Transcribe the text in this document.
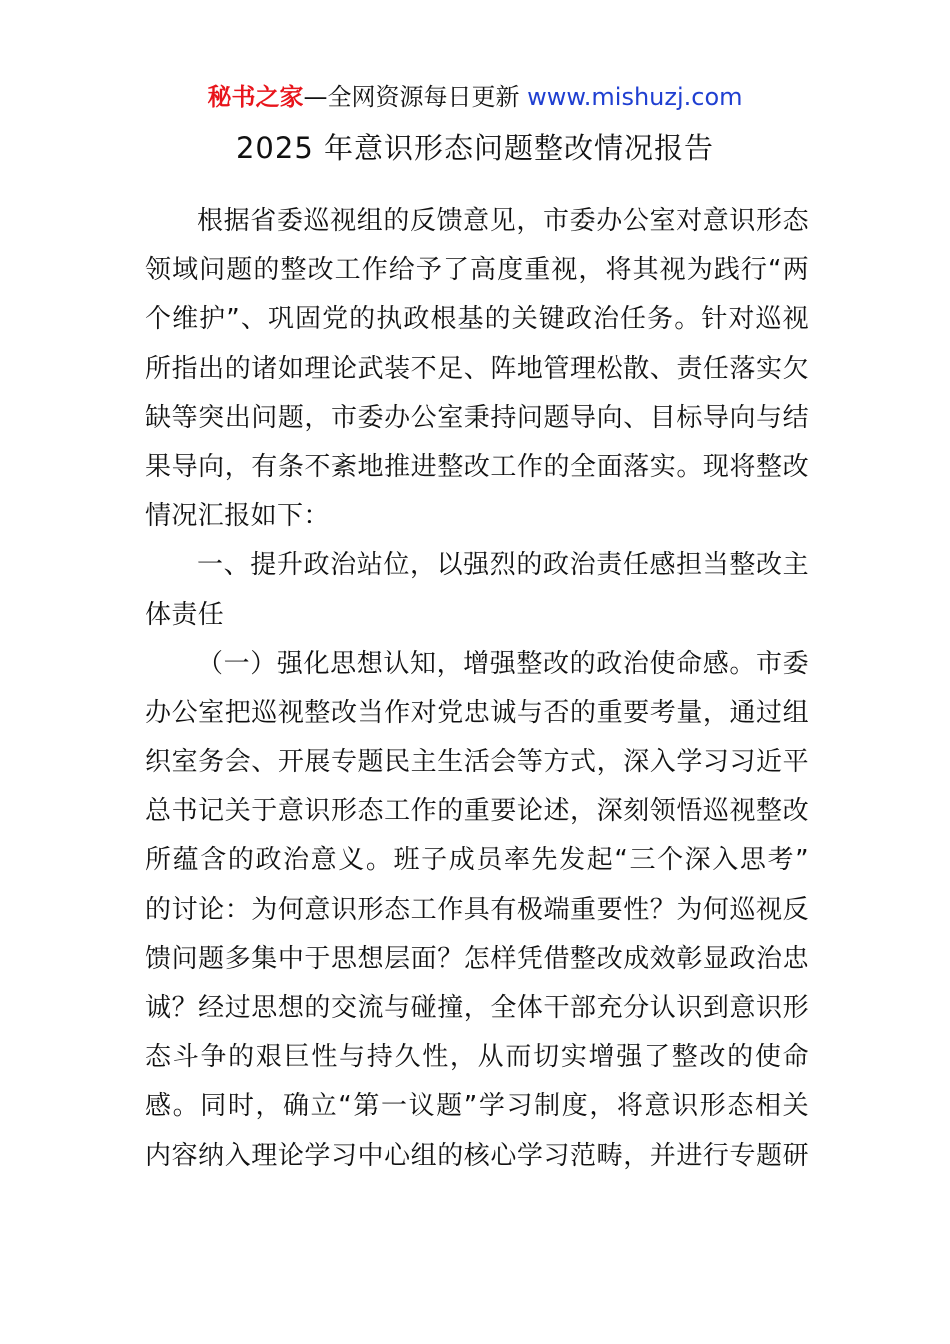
秘书之家—全网资源每日更新 www.mishuzj.com
2025 年意识形态问题整改情况报告
根据省委巡视组的反馈意见，市委办公室对意识形态
领域问题的整改工作给予了高度重视，将其视为践行“两
个维护”、巩固党的执政根基的关键政治任务。针对巡视
所指出的诸如理论武装不足、阵地管理松散、责任落实欠
缺等突出问题，市委办公室秉持问题导向、目标导向与结
果导向，有条不紊地推进整改工作的全面落实。现将整改
情况汇报如下：
一、提升政治站位，以强烈的政治责任感担当整改主
体责任
（一）强化思想认知，增强整改的政治使命感。市委
办公室把巡视整改当作对党忠诚与否的重要考量，通过组
织室务会、开展专题民主生活会等方式，深入学习习近平
总书记关于意识形态工作的重要论述，深刻领悟巡视整改
所蕴含的政治意义。班子成员率先发起“三个深入思考”
的讨论：为何意识形态工作具有极端重要性？为何巡视反
馈问题多集中于思想层面？怎样凭借整改成效彰显政治忠
诚？经过思想的交流与碰撞，全体干部充分认识到意识形
态斗争的艰巨性与持久性，从而切实增强了整改的使命
感。同时，确立“第一议题”学习制度，将意识形态相关
内容纳入理论学习中心组的核心学习范畴，并进行专题研
